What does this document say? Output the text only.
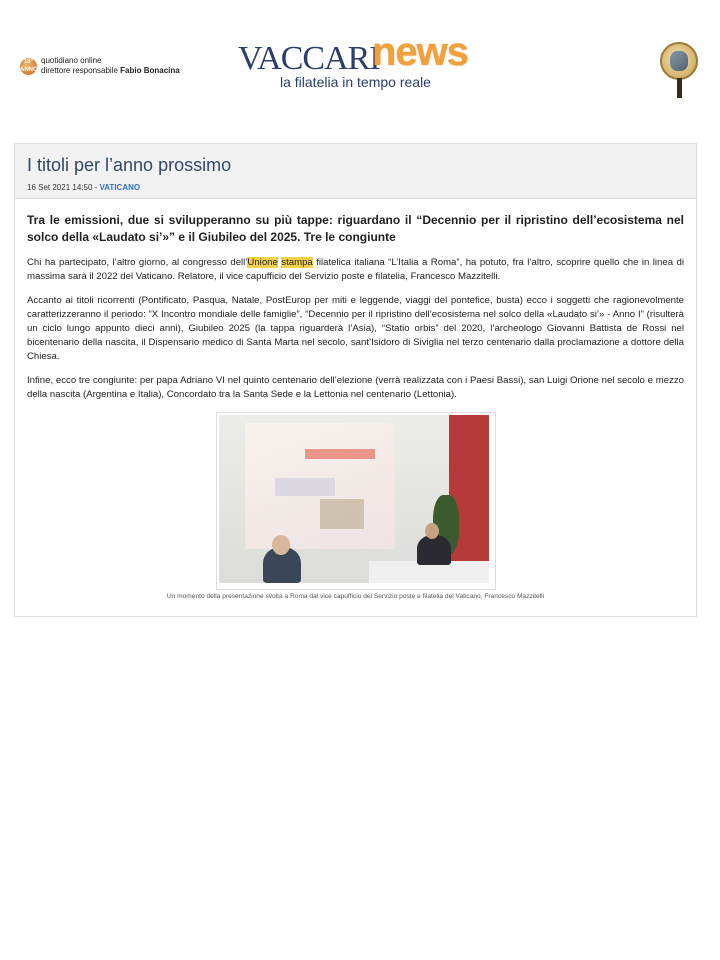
18°
ANNO
quotidiano online
direttore responsabile Fabio Bonacina VACCARI
news
la filatelia in tempo reale
I titoli per l’anno prossimo
16 Set 2021 14:50 - VATICANO

Tra le emissioni, due si svilupperanno su più tappe: riguardano il “Decennio per il ripristino dell’ecosistema nel solco della «Laudato si’»” e il Giubileo del 2025. Tre le congiunte

Chi ha partecipato, l’altro giorno, al congresso dell’Unione stampa filatelica italiana “L’Italia a Roma”, ha potuto, fra l’altro, scoprire quello che in linea di massima sarà il 2022 del Vaticano. Relatore, il vice capufficio del Servizio poste e filatelia, Francesco Mazzitelli.

Accanto ai titoli ricorrenti (Pontificato, Pasqua, Natale, PostEurop per miti e leggende, viaggi del pontefice, busta) ecco i soggetti che ragionevolmente caratterizzeranno il periodo: “X Incontro mondiale delle famiglie”, “Decennio per il ripristino dell’ecosistema nel solco della «Laudato si’» - Anno I” (risulterà un ciclo lungo appunto dieci anni), Giubileo 2025 (la tappa riguarderà l’Asia), “Statio orbis” del 2020, l’archeologo Giovanni Battista de Rossi nel bicentenario della nascita, il Dispensario medico di Santa Marta nel secolo, sant’Isidoro di Siviglia nel terzo centenario dalla proclamazione a dottore della Chiesa.

Infine, ecco tre congiunte: per papa Adriano VI nel quinto centenario dell’elezione (verrà realizzata con i Paesi Bassi), san Luigi Orione nel secolo e mezzo della nascita (Argentina e Italia), Concordato tra la Santa Sede e la Lettonia nel centenario (Lettonia).

Un momento della presentazione svolta a Roma dal vice capufficio del Servizio poste e filatelia del Vaticano, Francesco Mazzitelli
